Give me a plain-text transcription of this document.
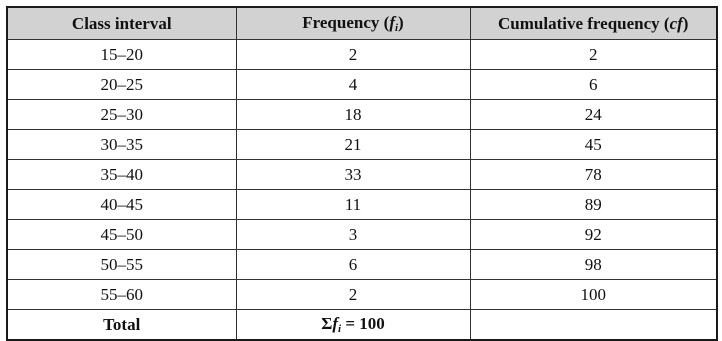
Class interval	Frequency (fi)	Cumulative frequency (cf)
15–20	2	2
20–25	4	6
25–30	18	24
30–35	21	45
35–40	33	78
40–45	11	89
45–50	3	92
50–55	6	98
55–60	2	100
Total	Σfi = 100	
